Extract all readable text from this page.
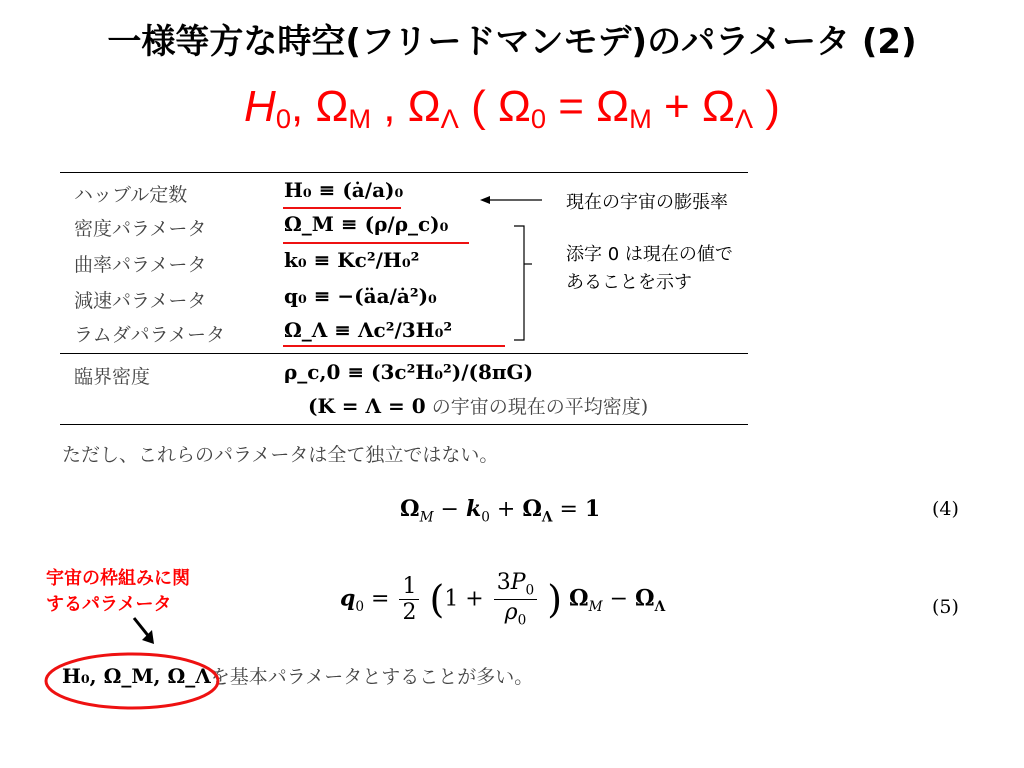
一様等方な時空(フリードマンモデ)のパラメータ (2)
$H_0$, $\Omega_M$ , $\Omega_\Lambda$ ( $\Omega_0 = \Omega_M + \Omega_\Lambda$ )
ハッブル定数	H₀ ≡ (ȧ/a)₀
密度パラメータ	Ω_M ≡ (ρ/ρ_c)₀
曲率パラメータ	k₀ ≡ Kc²/H₀²
減速パラメータ	q₀ ≡ −(äa/ȧ²)₀
ラムダパラメータ	Ω_Λ ≡ Λc²/3H₀²
臨界密度	ρ_c,0 ≡ (3c²H₀²)/(8πG)
(K = Λ = 0 の宇宙の現在の平均密度)
現在の宇宙の膨張率
添字 0 は現在の値で
あることを示す
ただし、これらのパラメータは全て独立ではない。
$\Omega_M - k_0 + \Omega_\Lambda = 1$	(4)
宇宙の枠組みに関
するパラメータ	$q_0 = \frac{1}{2} (1 + \frac{3P_0}{\rho_0}$ ) $\Omega_M - \Omega_\Lambda$	(5)
H₀, Ω_M, Ω_Λを基本パラメータとすることが多い。
